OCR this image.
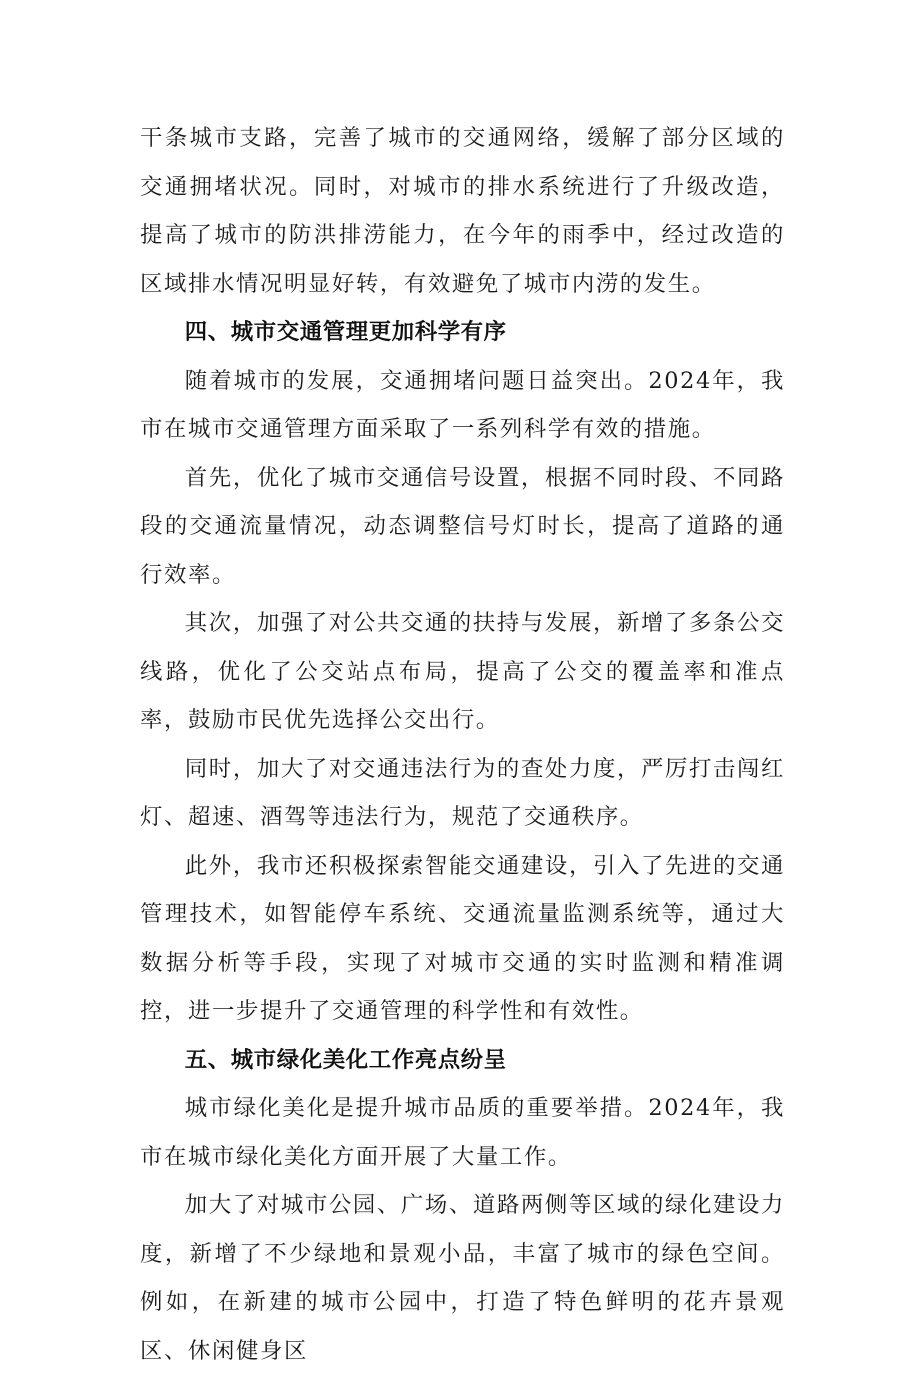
干条城市支路，完善了城市的交通网络，缓解了部分区域的交通拥堵状况。同时，对城市的排水系统进行了升级改造，提高了城市的防洪排涝能力，在今年的雨季中，经过改造的区域排水情况明显好转，有效避免了城市内涝的发生。

四、城市交通管理更加科学有序

随着城市的发展，交通拥堵问题日益突出。2024年，我市在城市交通管理方面采取了一系列科学有效的措施。

首先，优化了城市交通信号设置，根据不同时段、不同路段的交通流量情况，动态调整信号灯时长，提高了道路的通行效率。

其次，加强了对公共交通的扶持与发展，新增了多条公交线路，优化了公交站点布局，提高了公交的覆盖率和准点率，鼓励市民优先选择公交出行。

同时，加大了对交通违法行为的查处力度，严厉打击闯红灯、超速、酒驾等违法行为，规范了交通秩序。

此外，我市还积极探索智能交通建设，引入了先进的交通管理技术，如智能停车系统、交通流量监测系统等，通过大数据分析等手段，实现了对城市交通的实时监测和精准调控，进一步提升了交通管理的科学性和有效性。

五、城市绿化美化工作亮点纷呈

城市绿化美化是提升城市品质的重要举措。2024年，我市在城市绿化美化方面开展了大量工作。

加大了对城市公园、广场、道路两侧等区域的绿化建设力度，新增了不少绿地和景观小品，丰富了城市的绿色空间。例如，在新建的城市公园中，打造了特色鲜明的花卉景观区、休闲健身区
